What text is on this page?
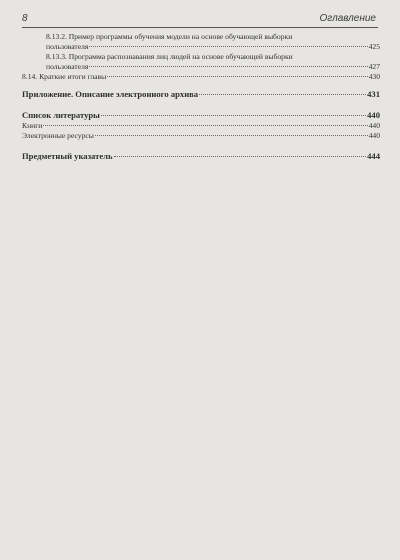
8	Оглавление
8.13.2. Пример программы обучения модели на основе обучающей выборки
пользователя	425
8.13.3. Программа распознавания лиц людей на основе обучающей выборки
пользователя	427
8.14. Краткие итоги главы	430
Приложение. Описание электронного архива	431
Список литературы	440
Книги	440
Электронные ресурсы	440
Предметный указатель	444
